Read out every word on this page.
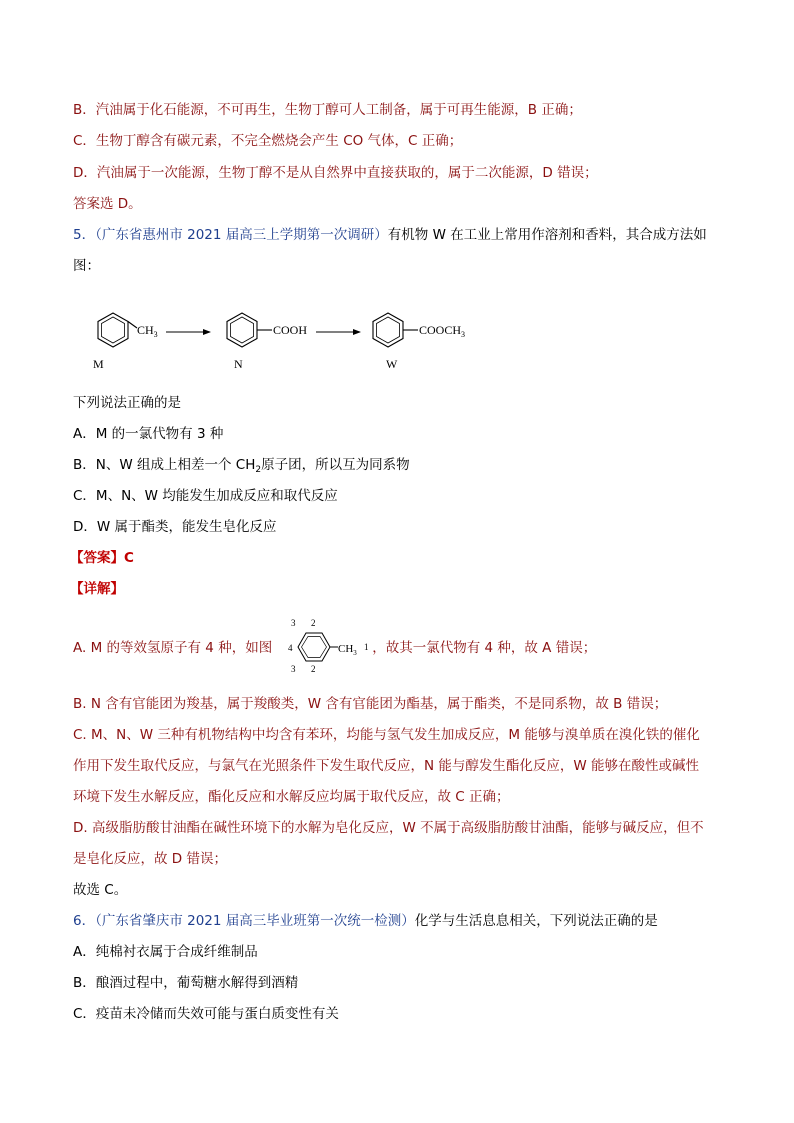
B．汽油属于化石能源，不可再生，生物丁醇可人工制备，属于可再生能源，B 正确；
C．生物丁醇含有碳元素，不完全燃烧会产生 CO 气体，C 正确；
D．汽油属于一次能源，生物丁醇不是从自然界中直接获取的，属于二次能源，D 错误；
答案选 D。
5．（广东省惠州市 2021 届高三上学期第一次调研）有机物 W 在工业上常用作溶剂和香料，其合成方法如
图：
$CH_3$
M
COOH
N
$COOCH_3$
W
下列说法正确的是
A．M 的一氯代物有 3 种
B．N、W 组成上相差一个 $CH_2$原子团，所以互为同系物
C．M、N、W 均能发生加成反应和取代反应
D．W 属于酯类，能发生皂化反应
【答案】C
【详解】
A. M 的等效氢原子有 4 种，如图	，故其一氯代物有 4 种，故 A 错误；
4
3 2
3 2
$CH_3$
1
B. N 含有官能团为羧基，属于羧酸类，W 含有官能团为酯基，属于酯类，不是同系物，故 B 错误；
C. M、N、W 三种有机物结构中均含有苯环，均能与氢气发生加成反应，M 能够与溴单质在溴化铁的催化
作用下发生取代反应，与氯气在光照条件下发生取代反应，N 能与醇发生酯化反应，W 能够在酸性或碱性
环境下发生水解反应，酯化反应和水解反应均属于取代反应，故 C 正确；
D. 高级脂肪酸甘油酯在碱性环境下的水解为皂化反应，W 不属于高级脂肪酸甘油酯，能够与碱反应，但不
是皂化反应，故 D 错误；
故选 C。
6．（广东省肇庆市 2021 届高三毕业班第一次统一检测）化学与生活息息相关，下列说法正确的是
A．纯棉衬衣属于合成纤维制品
B．酿酒过程中，葡萄糖水解得到酒精
C．疫苗未冷储而失效可能与蛋白质变性有关
